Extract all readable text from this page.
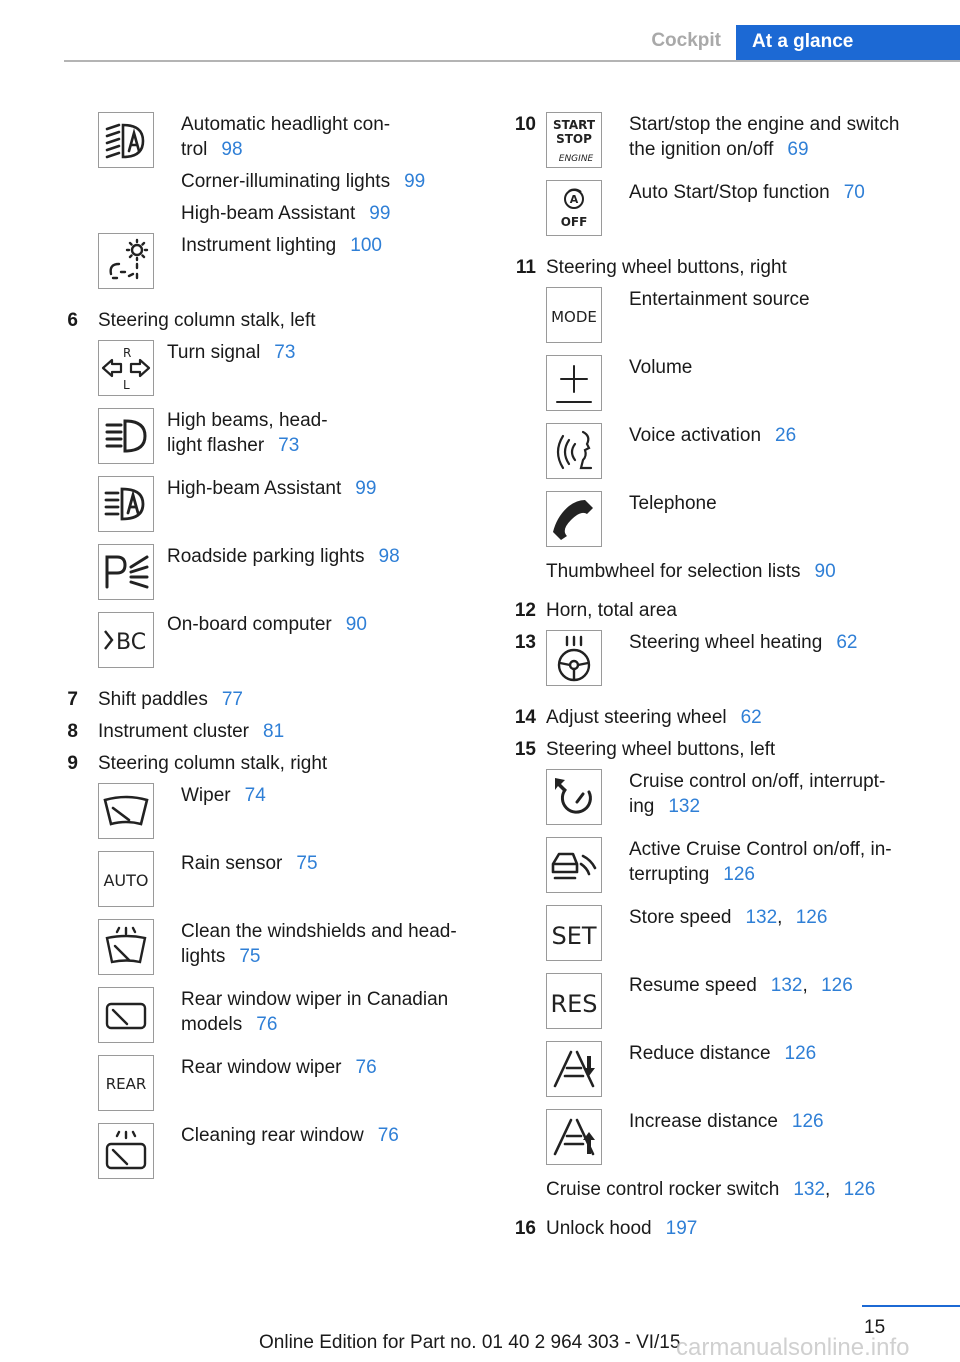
Cockpit	At a glance
Automatic headlight con‐
trol 98
Corner-illuminating lights 99
High-beam Assistant 99
Instrument lighting 100
6 Steering column stalk, left
R
L
Turn signal 73
High beams, head‐
light flasher 73
High-beam Assistant 99
Roadside parking lights 98
BC
On-board computer 90
7 Shift paddles 77
8 Instrument cluster 81
9 Steering column stalk, right
Wiper 74
AUTO
Rain sensor 75
Clean the windshields and head‐
lights 75
Rear window wiper in Canadian
models 76
REAR
Rear window wiper 76
Cleaning rear window 76
10 START
STOP
ENGINE
Start/stop the engine and switch
the ignition on/off 69
A
OFF
Auto Start/Stop function 70
11 Steering wheel buttons, right
MODE
Entertainment source
Volume
Voice activation 26
Telephone
Thumbwheel for selection lists 90
12 Horn, total area
13	Steering wheel heating 62
14 Adjust steering wheel 62
15 Steering wheel buttons, left
Cruise control on/off, interrupt‐
ing 132
Active Cruise Control on/off, in‐
terrupting 126
SET
Store speed 132, 126
RES
Resume speed 132, 126
Reduce distance 126
Increase distance 126
Cruise control rocker switch 132, 126
16 Unlock hood 197
15
Online Edition for Part no. 01 40 2 964 303 - VI/15
carmanualsonline.info
